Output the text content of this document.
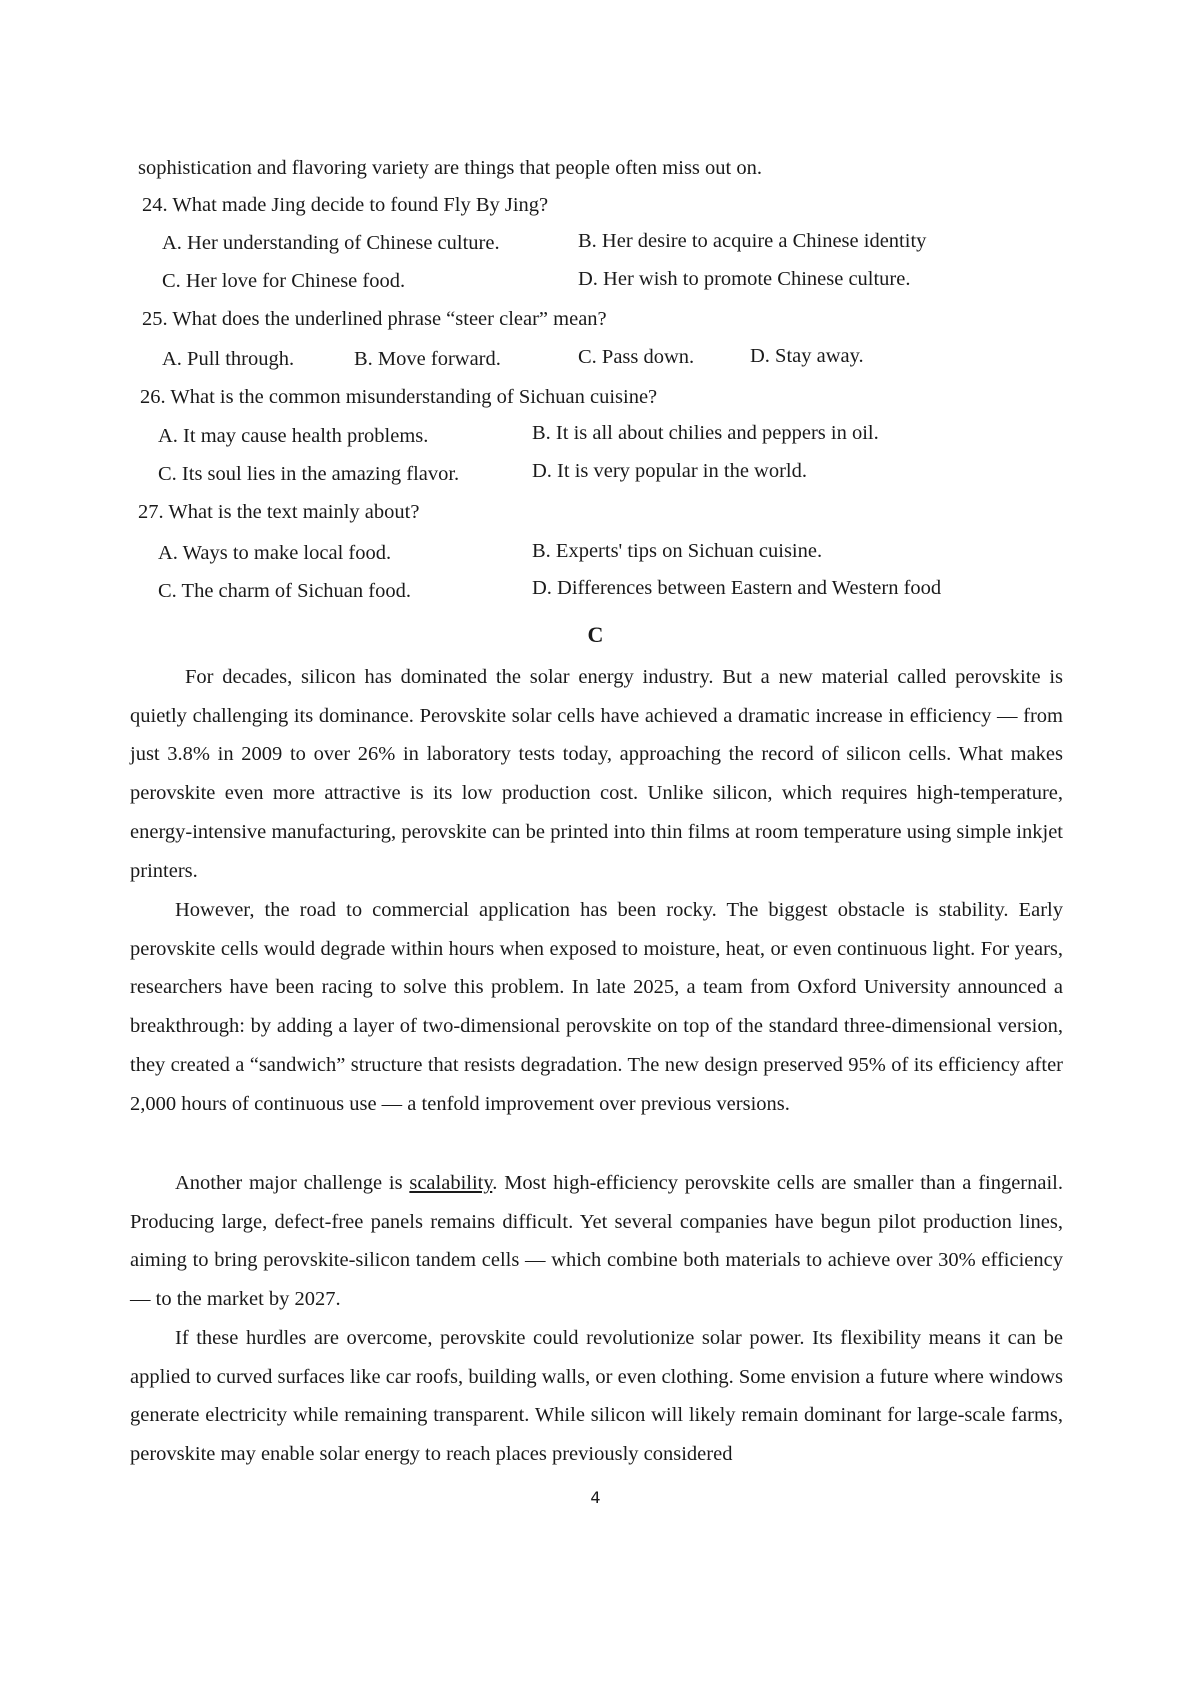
sophistication and flavoring variety are things that people often miss out on.
24. What made Jing decide to found Fly By Jing?
A. Her understanding of Chinese culture.	B. Her desire to acquire a Chinese identity
C. Her love for Chinese food.	D. Her wish to promote Chinese culture.
25. What does the underlined phrase “steer clear” mean?
A. Pull through.	B. Move forward.	C. Pass down.	D. Stay away.
26. What is the common misunderstanding of Sichuan cuisine?
A. It may cause health problems.	B. It is all about chilies and peppers in oil.
C. Its soul lies in the amazing flavor.	D. It is very popular in the world.
27. What is the text mainly about?
A. Ways to make local food.	B. Experts' tips on Sichuan cuisine.
C. The charm of Sichuan food.	D. Differences between Eastern and Western food
C
For decades, silicon has dominated the solar energy industry. But a new material called perovskite is quietly challenging its dominance. Perovskite solar cells have achieved a dramatic increase in efficiency — from just 3.8% in 2009 to over 26% in laboratory tests today, approaching the record of silicon cells. What makes perovskite even more attractive is its low production cost. Unlike silicon, which requires high-temperature, energy-intensive manufacturing, perovskite can be printed into thin films at room temperature using simple inkjet printers.
However, the road to commercial application has been rocky. The biggest obstacle is stability. Early perovskite cells would degrade within hours when exposed to moisture, heat, or even continuous light. For years, researchers have been racing to solve this problem. In late 2025, a team from Oxford University announced a breakthrough: by adding a layer of two-dimensional perovskite on top of the standard three-dimensional version, they created a “sandwich” structure that resists degradation. The new design preserved 95% of its efficiency after 2,000 hours of continuous use — a tenfold improvement over previous versions.
Another major challenge is scalability. Most high-efficiency perovskite cells are smaller than a fingernail. Producing large, defect-free panels remains difficult. Yet several companies have begun pilot production lines, aiming to bring perovskite-silicon tandem cells — which combine both materials to achieve over 30% efficiency — to the market by 2027.
If these hurdles are overcome, perovskite could revolutionize solar power. Its flexibility means it can be applied to curved surfaces like car roofs, building walls, or even clothing. Some envision a future where windows generate electricity while remaining transparent. While silicon will likely remain dominant for large-scale farms, perovskite may enable solar energy to reach places previously considered
4
